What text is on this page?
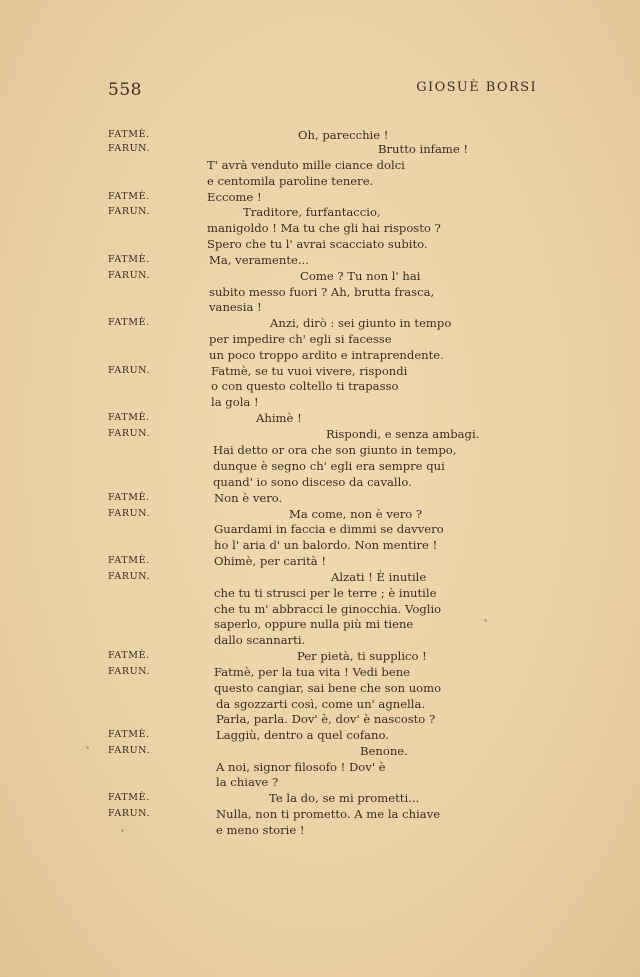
558	GIOSUÈ BORSI
FATMÈ.	Oh, parecchie !
FARUN.	Brutto infame !
T' avrà venduto mille ciance dolci
e centomila paroline tenere.
FATMÈ.	Eccome !
FARUN.	Traditore, furfantaccio,
manigoldo ! Ma tu che gli hai risposto ?
Spero che tu l' avrai scacciato subito.
FATMÈ.	Ma, veramente...
FARUN.	Come ? Tu non l' hai
subito messo fuori ? Ah, brutta frasca,
vanesia !
FATMÈ.	Anzi, dirò : sei giunto in tempo
per impedire ch' egli si facesse
un poco troppo ardito e intraprendente.
FARUN.	Fatmè, se tu vuoi vivere, rispondi
o con questo coltello ti trapasso
la gola !
FATMÈ.	Ahimè !
FARUN.	Rispondi, e senza ambagi.
Hai detto or ora che son giunto in tempo,
dunque è segno ch' egli era sempre qui
quand' io sono disceso da cavallo.
FATMÈ.	Non è vero.
FARUN.	Ma come, non è vero ?
Guardami in faccia e dimmi se davvero
ho l' aria d' un balordo. Non mentire !
FATMÈ.	Ohimè, per carità !
FARUN.	Alzati ! È inutile
che tu ti strusci per le terre ; è inutile
che tu m' abbracci le ginocchia. Voglio
saperlo, oppure nulla più mi tiene
dallo scannarti.
FATMÈ.	Per pietà, ti supplico !
FARUN.	Fatmè, per la tua vita ! Vedi bene
questo cangiar, sai bene che son uomo
da sgozzarti così, come un' agnella.
Parla, parla. Dov' è, dov' è nascosto ?
FATMÈ.	Laggiù, dentro a quel cofano.
FARUN.	Benone.
A noi, signor filosofo ! Dov' è
la chiave ?
FATMÈ.	Te la do, se mi prometti...
FARUN.	Nulla, non ti prometto. A me la chiave
e meno storie !
